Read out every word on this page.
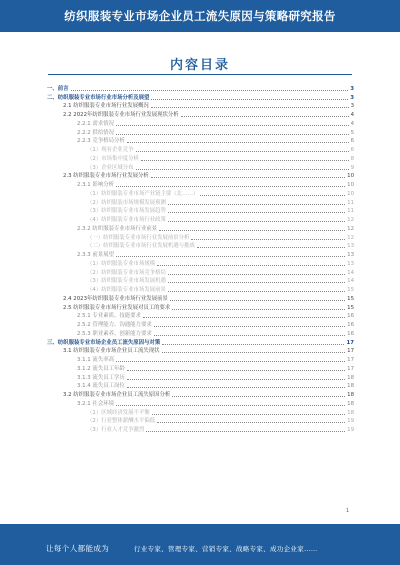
纺织服装专业市场企业员工流失原因与策略研究报告
内容目录
一、前言	3
二、纺织服装专业市场行业市场分析及展望	3
2.1 纺织服装专业市场行业发展概况	3
2.2 2022年纺织服装专业市场行业发展现状分析	4
2.2.1 需求情况	4
2.2.2 供给情况	5
2.2.3 竞争格局分析	6
（1）现有企业竞争	6
（2）市场集中度分析	8
（3）企业区域分布	9
2.3 纺织服装专业市场行业发展分析	10
2.3.1 影响分析	10
（1）纺织服装专业市场产业链主要（北……）	10
（2）纺织服装市场规模发展预测	11
（3）纺织服装专业市场发展趋势	11
（4）纺织服装专业市场行业政策	12
2.3.2 纺织服装专业市场行业前景	12
（一）纺织服装专业市场行业发展前景分析	12
（二）纺织服装专业市场行业发展机遇与挑战	13
2.3.3 前景展望	13
（1）纺织服装专业市场规模	13
（2）纺织服装专业市场竞争格局	14
（3）纺织服装专业市场发展机遇	14
（4）纺织服装专业市场发展前景	15
2.4 2023年纺织服装专业市场行业发展前景	15
2.5 纺织服装专业市场行业发展对员工的要求	15
2.5.1 专业素质、技能要求	16
2.5.2 管理能力、沟通能力要求	16
2.5.3 职业素养、创新能力要求	16
三、纺织服装专业市场企业员工流失原因与对策	17
3.1 纺织服装专业市场企业员工流失现状	17
3.1.1 流失率高	17
3.1.2 流失员工年龄	17
3.1.3 流失员工学历	18
3.1.4 流失员工岗位	18
3.2 纺织服装专业市场企业员工流失原因分析	18
3.2.1 社会环境	18
（1）区域经济发展不平衡	18
（2）行业整体薪酬水平偏低	19
（3）行业人才竞争激烈	19
1
让每个人都能成为	行业专家、管理专家、营销专家、战略专家、成功企业家……
